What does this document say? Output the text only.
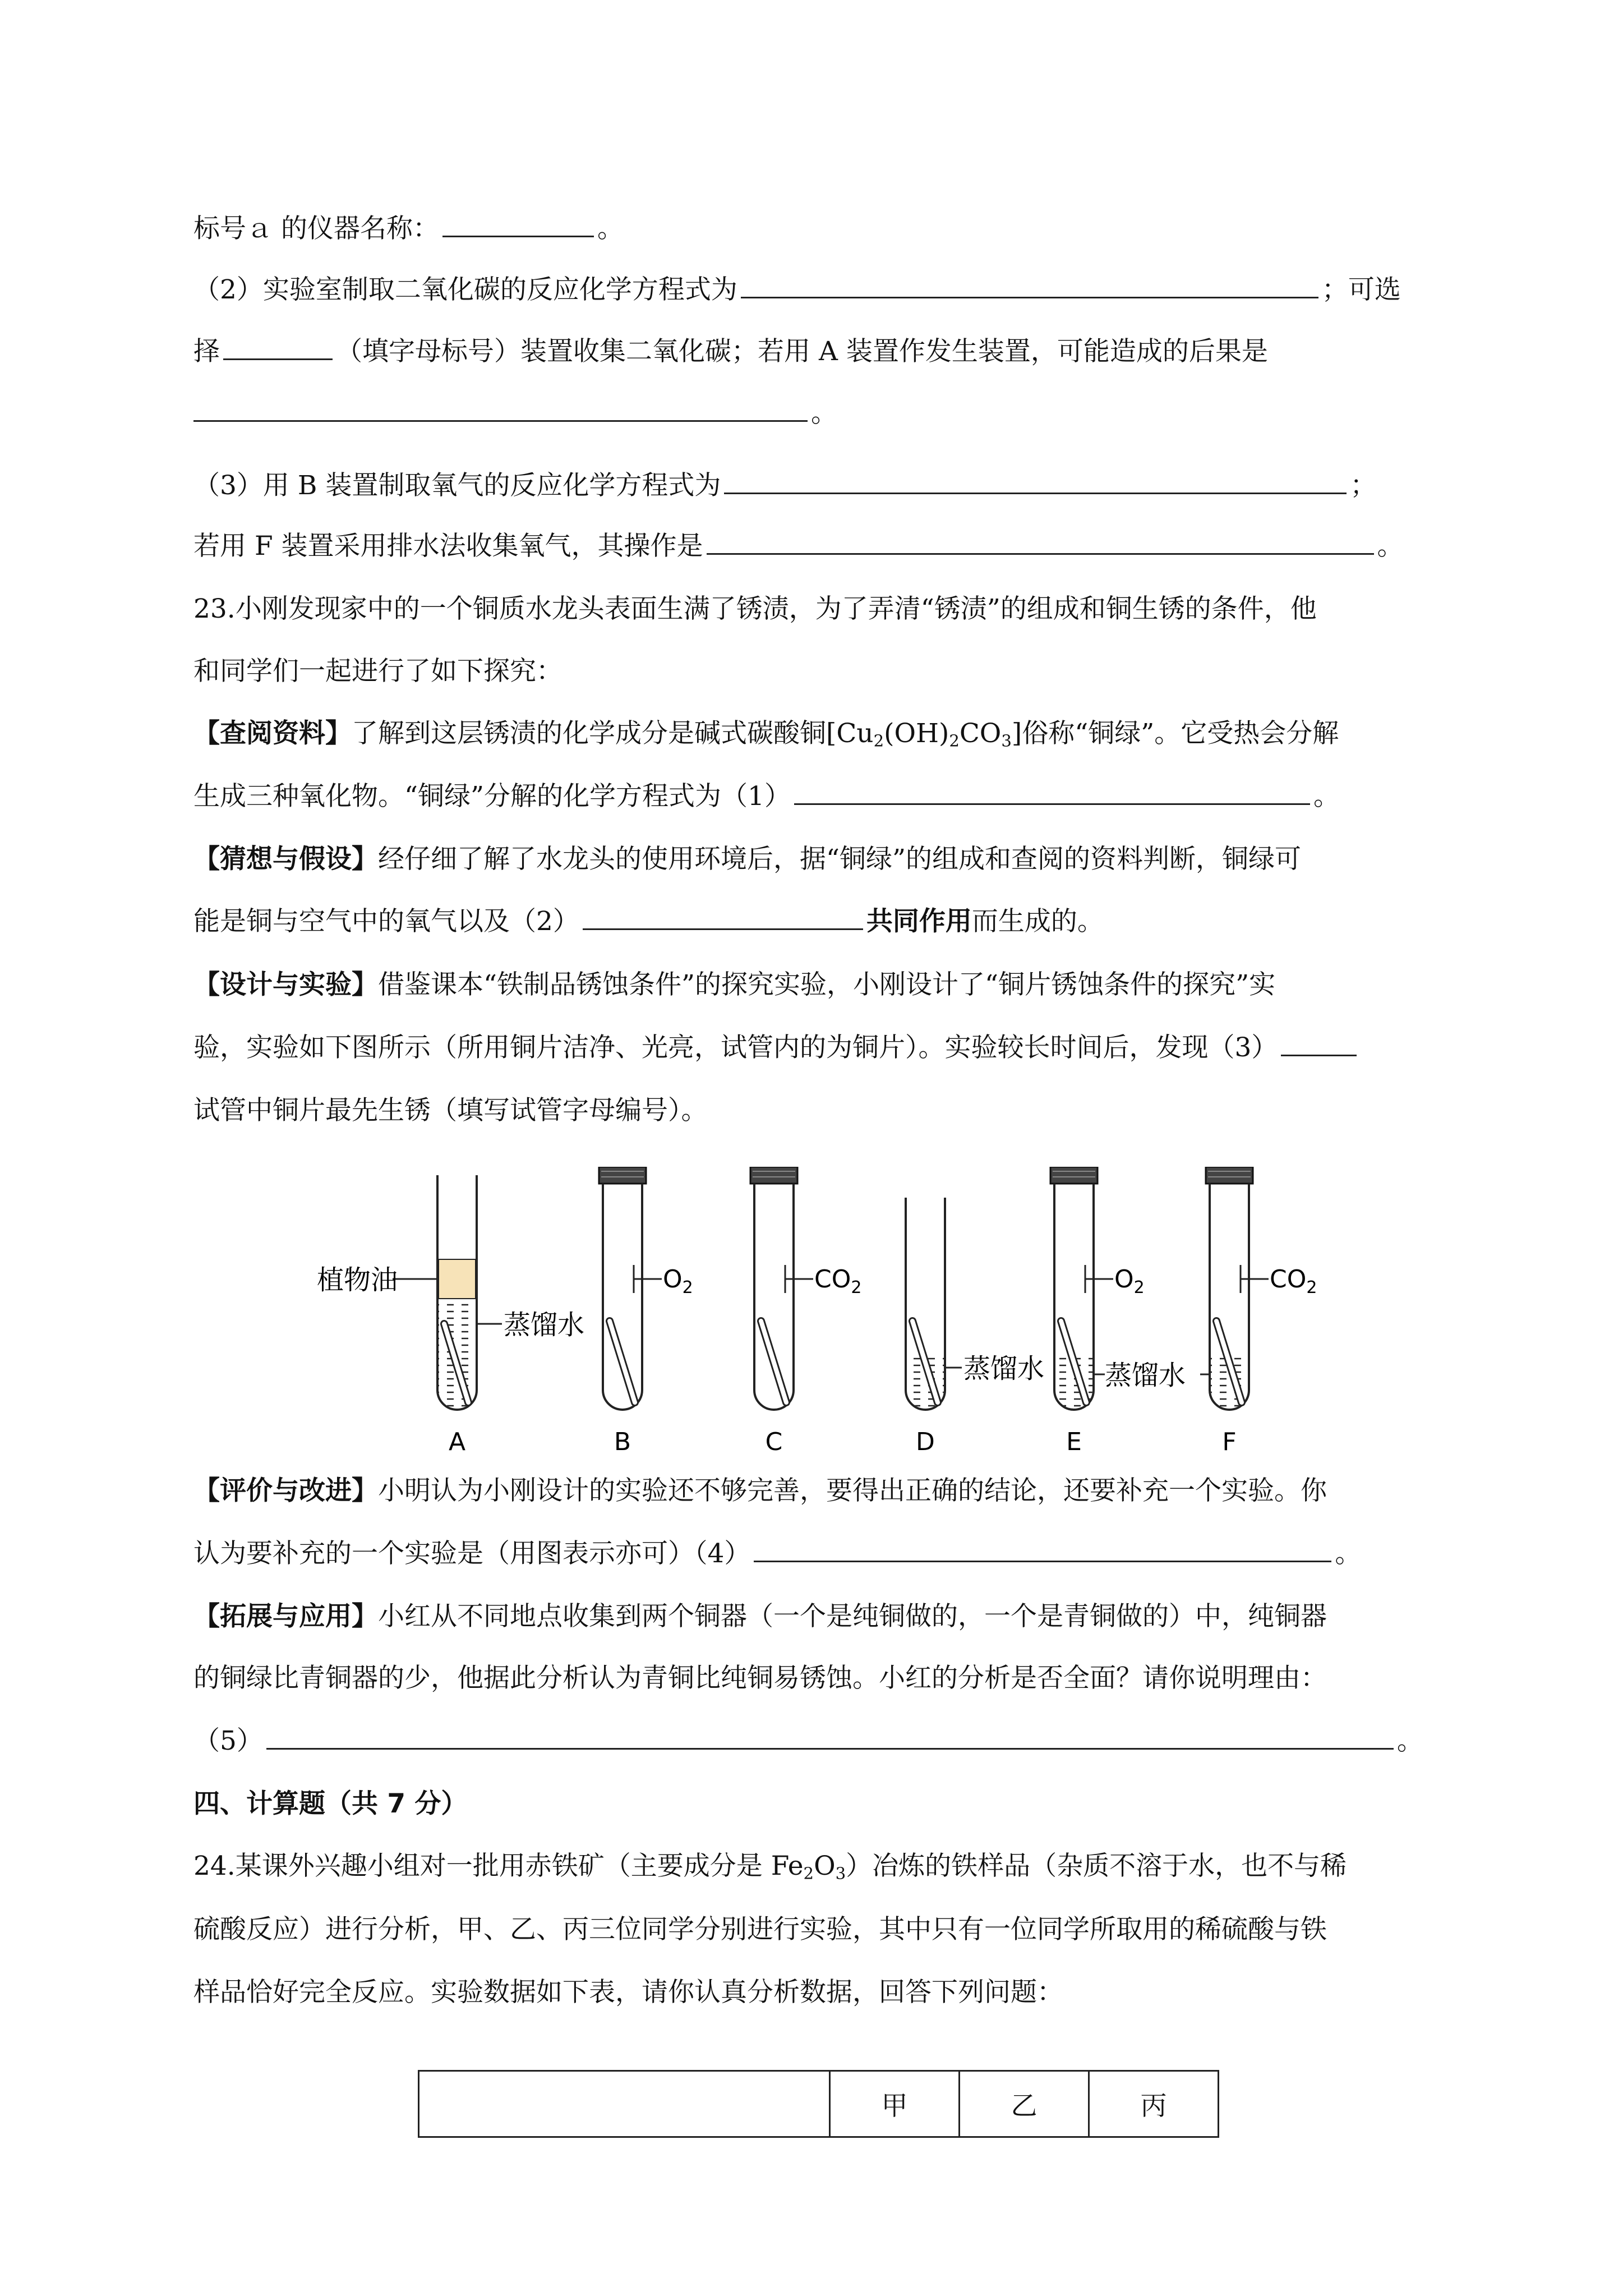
标号ａ 的仪器名称：	。
（2）实验室制取二氧化碳的反应化学方程式为	；可选
择	（填字母标号）装置收集二氧化碳；若用 A 装置作发生装置，可能造成的后果是
。
（3）用 B 装置制取氧气的反应化学方程式为	；
若用 F 装置采用排水法收集氧气，其操作是	。
23.小刚发现家中的一个铜质水龙头表面生满了锈渍，为了弄清“锈渍”的组成和铜生锈的条件，他
和同学们一起进行了如下探究：
【查阅资料】了解到这层锈渍的化学成分是碱式碳酸铜$[Cu_2(OH)_2CO_3]$俗称“铜绿”。它受热会分解
生成三种氧化物。“铜绿”分解的化学方程式为（1）	。
【猜想与假设】经仔细了解了水龙头的使用环境后，据“铜绿”的组成和查阅的资料判断，铜绿可
能是铜与空气中的氧气以及（2）	共同作用而生成的。
【设计与实验】借鉴课本“铁制品锈蚀条件”的探究实验，小刚设计了“铜片锈蚀条件的探究”实
验，实验如下图所示（所用铜片洁净、光亮，试管内的为铜片）。实验较长时间后，发现（3）
试管中铜片最先生锈（填写试管字母编号）。
植物油
蒸馏水
$O_2$	$CO_2$
蒸馏水
$O_2$
蒸馏水
$CO_2$
A	B	C	D	E	F
【评价与改进】小明认为小刚设计的实验还不够完善，要得出正确的结论，还要补充一个实验。你
认为要补充的一个实验是（用图表示亦可）（4）	。
【拓展与应用】小红从不同地点收集到两个铜器（一个是纯铜做的，一个是青铜做的）中，纯铜器
的铜绿比青铜器的少，他据此分析认为青铜比纯铜易锈蚀。小红的分析是否全面？请你说明理由：
（5）	。
四、计算题（共 7 分）
24.某课外兴趣小组对一批用赤铁矿（主要成分是 $Fe_2O_3$）冶炼的铁样品（杂质不溶于水，也不与稀
硫酸反应）进行分析，甲、乙、丙三位同学分别进行实验，其中只有一位同学所取用的稀硫酸与铁
样品恰好完全反应。实验数据如下表，请你认真分析数据，回答下列问题：
	甲	乙	丙
